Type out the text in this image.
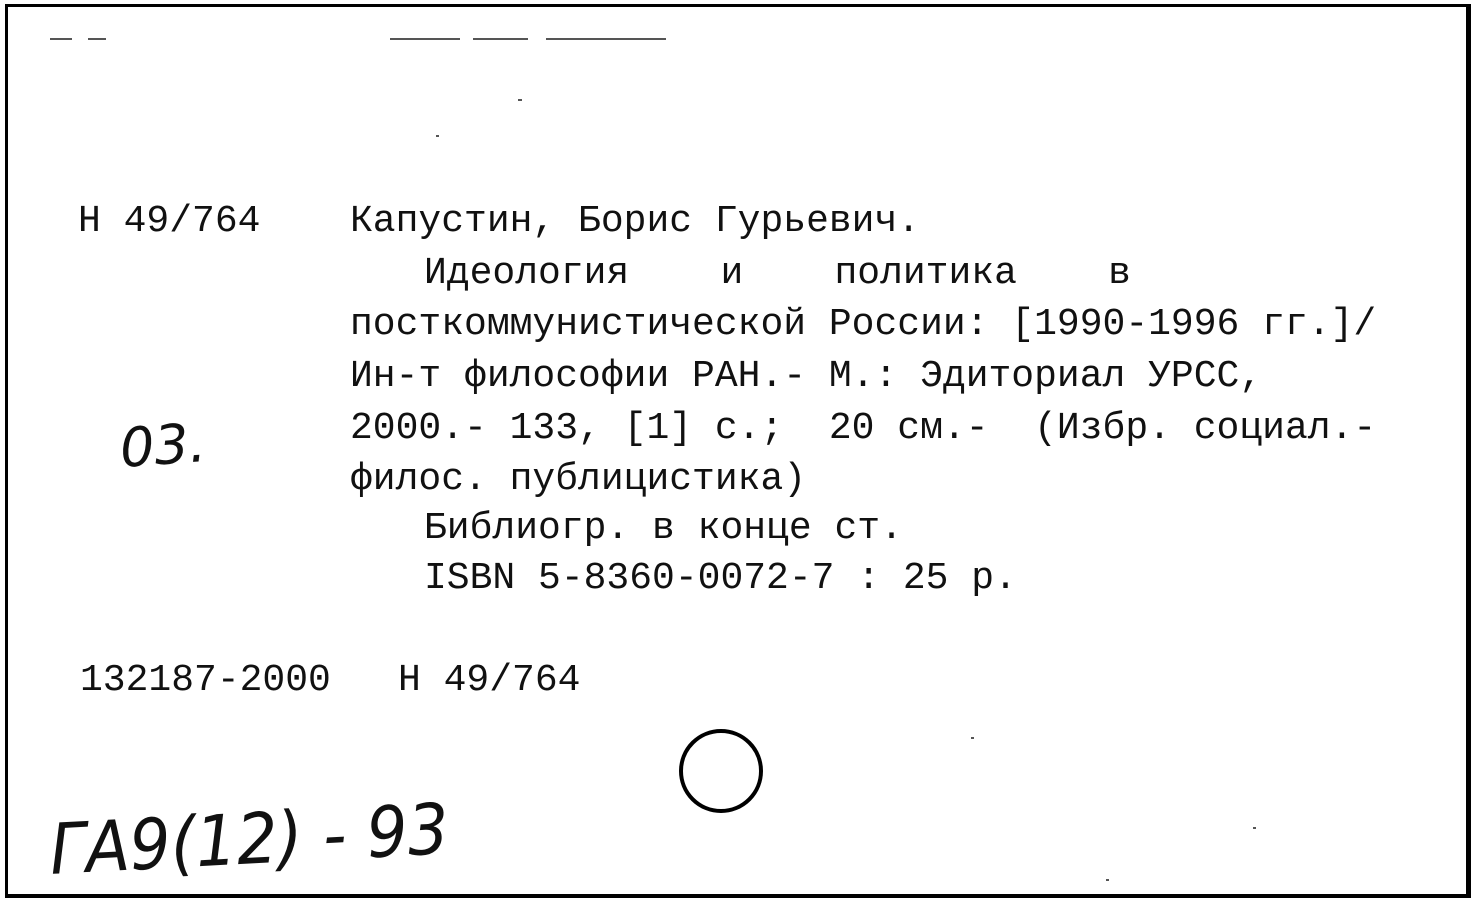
Н 49/764 Капустин, Борис Гурьевич.
Идеология    и    политика    в
посткоммунистической России: [1990-1996 гг.]/
Ин-т философии РАН.- М.: Эдиториал УРСС,
2000.- 133, [1] с.;  20 см.-  (Избр. социал.-
филос. публицистика)
Библиогр. в конце ст.
ISBN 5-8360-0072-7 : 25 р.
132187-2000 Н 49/764
03.
ГА9(12) - 93
